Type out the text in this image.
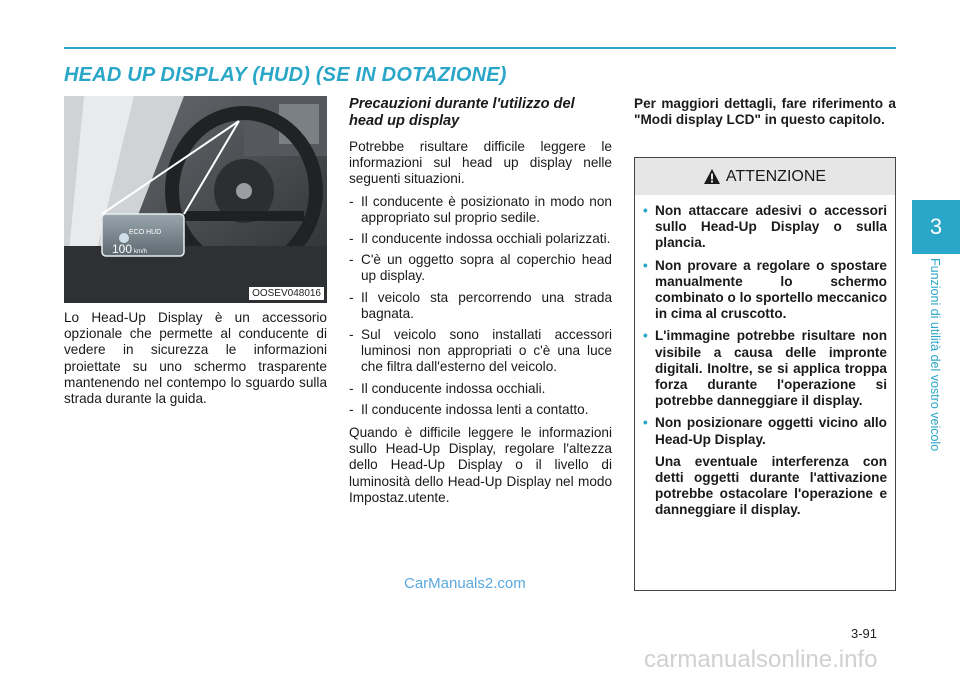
HEAD UP DISPLAY (HUD) (SE IN DOTAZIONE)
ECO HUD
100 km/h
OOSEV048016

Lo Head-Up Display è un accessorio opzionale che permette al conducente di vedere in sicurezza le informazioni proiettate su uno schermo trasparente mantenendo nel contempo lo sguardo sulla strada durante la guida.

Precauzioni durante l'utilizzo del head up display

Potrebbe risultare difficile leggere le informazioni sul head up display nelle seguenti situazioni.

- Il conducente è posizionato in modo non appropriato sul proprio sedile.
- Il conducente indossa occhiali polarizzati.
- C'è un oggetto sopra al coperchio head up display.
- Il veicolo sta percorrendo una strada bagnata.
- Sul veicolo sono installati accessori luminosi non appropriati o c'è una luce che filtra dall'esterno del veicolo.
- Il conducente indossa occhiali.
- Il conducente indossa lenti a contatto.

Quando è difficile leggere le informazioni sullo Head-Up Display, regolare l'altezza dello Head-Up Display o il livello di luminosità dello Head-Up Display nel modo Impostaz.utente.

Per maggiori dettagli, fare riferimento a "Modi display LCD" in questo capitolo.

ATTENZIONE
• Non attaccare adesivi o accessori sullo Head-Up Display o sulla plancia.
• Non provare a regolare o spostare manualmente lo schermo combinato o lo sportello meccanico in cima al cruscotto.
• L'immagine potrebbe risultare non visibile a causa delle impronte digitali. Inoltre, se si applica troppa forza durante l'operazione si potrebbe danneggiare il display.
• Non posizionare oggetti vicino allo Head-Up Display.
Una eventuale interferenza con detti oggetti durante l'attivazione potrebbe ostacolare l'operazione e danneggiare il display.
3
Funzioni di utilità del vostro veicolo
CarManuals2.com
3-91
carmanualsonline.info
